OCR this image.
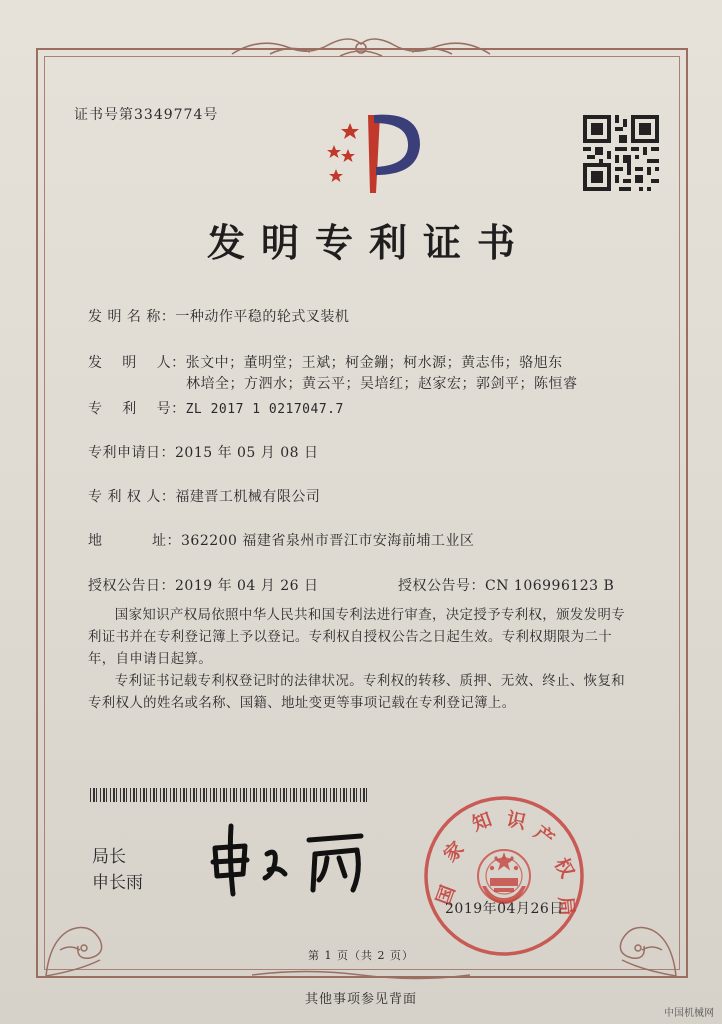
证书号第3349774号
发明专利证书
发 明 名 称：一种动作平稳的轮式叉装机
发    明    人：张文中；董明堂；王斌；柯金鏰；柯水源；黄志伟；骆旭东
林培全；方泗水；黄云平；吴培红；赵家宏；郭剑平；陈恒睿
专    利    号：ZL 2017 1 0217047.7
专利申请日：2015 年 05 月 08 日
专 利 权 人：福建晋工机械有限公司
地          址：362200 福建省泉州市晋江市安海前埔工业区
授权公告日：2019 年 04 月 26 日	授权公告号：CN 106996123 B
国家知识产权局依照中华人民共和国专利法进行审查，决定授予专利权，颁发发明专利证书并在专利登记簿上予以登记。专利权自授权公告之日起生效。专利权期限为二十年，自申请日起算。
专利证书记载专利权登记时的法律状况。专利权的转移、质押、无效、终止、恢复和专利权人的姓名或名称、国籍、地址变更等事项记载在专利登记簿上。
局长
申长雨	国
家
知 识
产
权
局
2019年04月26日
第 1 页（共 2 页）
其他事项参见背面
中国机械网
